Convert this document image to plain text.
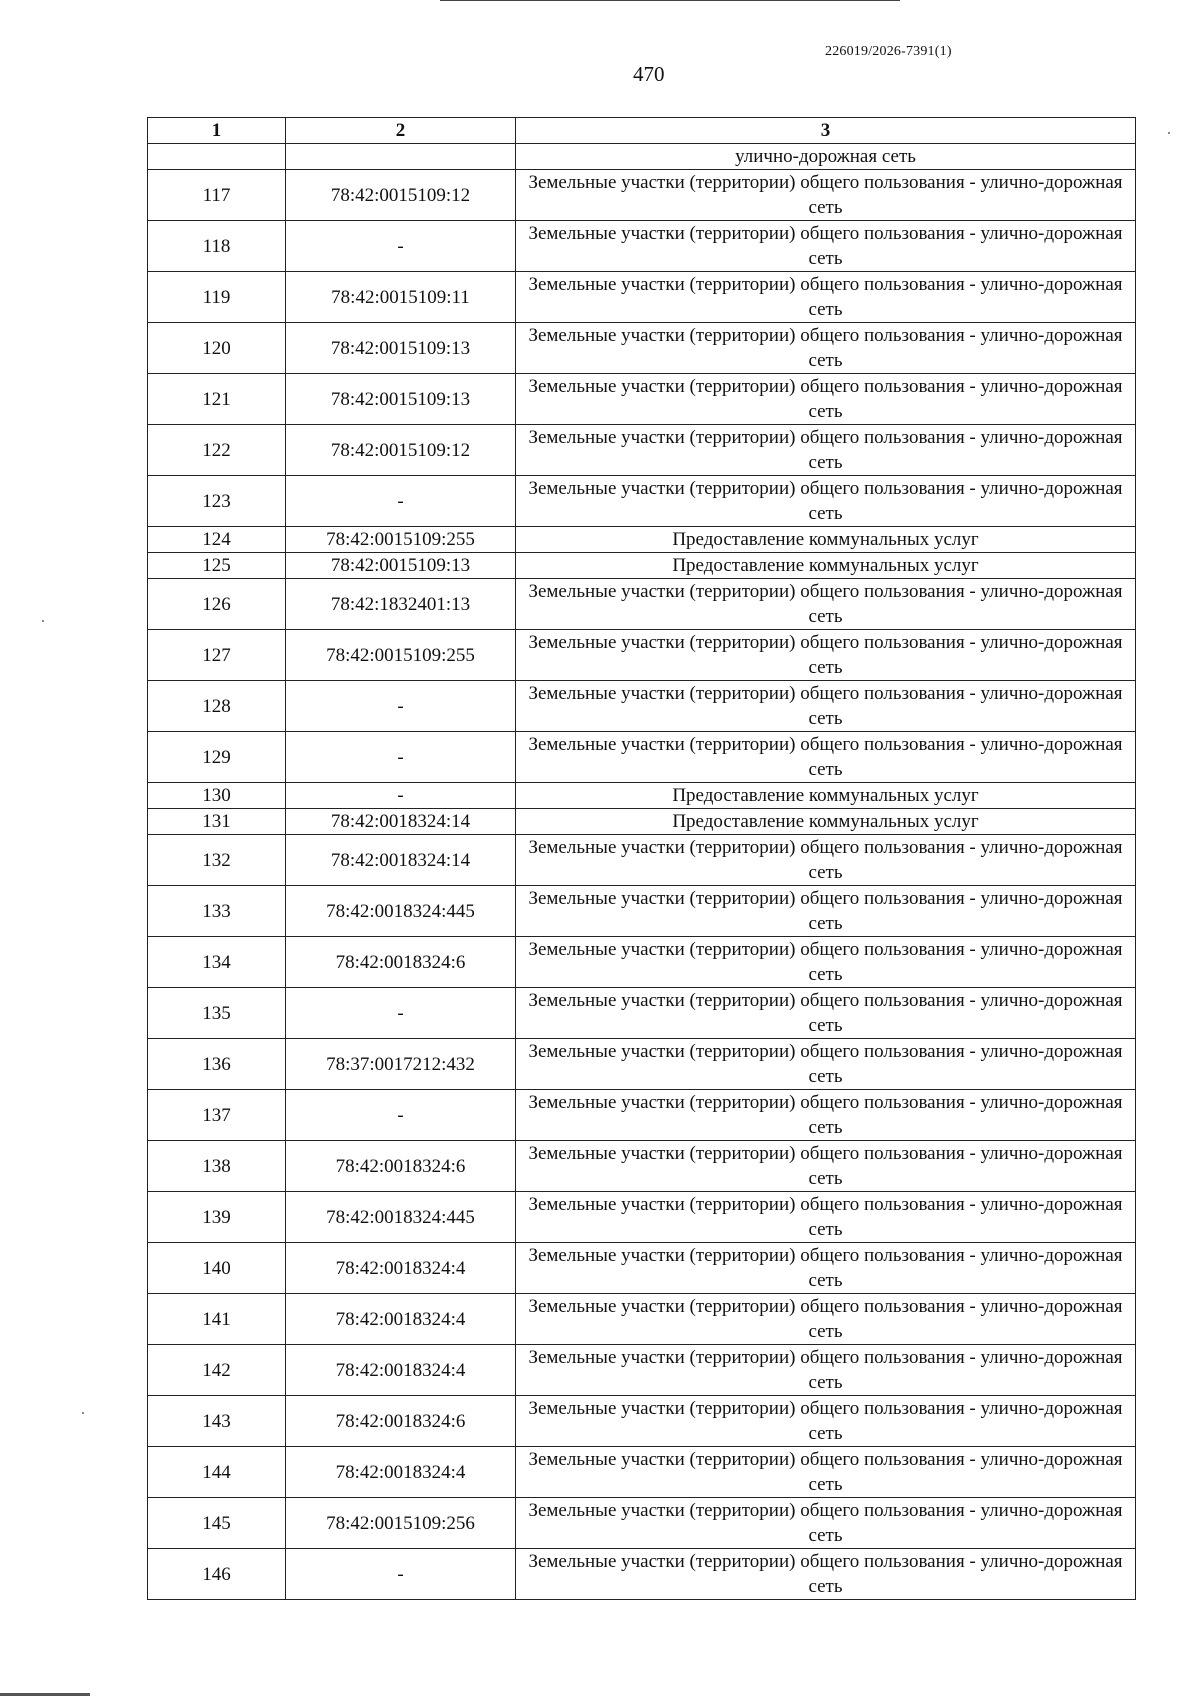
226019/2026-7391(1)
470
1	2	3
		улично-дорожная сеть
117	78:42:0015109:12	Земельные участки (территории) общего пользования - улично-дорожная сеть
118	-	Земельные участки (территории) общего пользования - улично-дорожная сеть
119	78:42:0015109:11	Земельные участки (территории) общего пользования - улично-дорожная сеть
120	78:42:0015109:13	Земельные участки (территории) общего пользования - улично-дорожная сеть
121	78:42:0015109:13	Земельные участки (территории) общего пользования - улично-дорожная сеть
122	78:42:0015109:12	Земельные участки (территории) общего пользования - улично-дорожная сеть
123	-	Земельные участки (территории) общего пользования - улично-дорожная сеть
124	78:42:0015109:255	Предоставление коммунальных услуг
125	78:42:0015109:13	Предоставление коммунальных услуг
126	78:42:1832401:13	Земельные участки (территории) общего пользования - улично-дорожная сеть
127	78:42:0015109:255	Земельные участки (территории) общего пользования - улично-дорожная сеть
128	-	Земельные участки (территории) общего пользования - улично-дорожная сеть
129	-	Земельные участки (территории) общего пользования - улично-дорожная сеть
130	-	Предоставление коммунальных услуг
131	78:42:0018324:14	Предоставление коммунальных услуг
132	78:42:0018324:14	Земельные участки (территории) общего пользования - улично-дорожная сеть
133	78:42:0018324:445	Земельные участки (территории) общего пользования - улично-дорожная сеть
134	78:42:0018324:6	Земельные участки (территории) общего пользования - улично-дорожная сеть
135	-	Земельные участки (территории) общего пользования - улично-дорожная сеть
136	78:37:0017212:432	Земельные участки (территории) общего пользования - улично-дорожная сеть
137	-	Земельные участки (территории) общего пользования - улично-дорожная сеть
138	78:42:0018324:6	Земельные участки (территории) общего пользования - улично-дорожная сеть
139	78:42:0018324:445	Земельные участки (территории) общего пользования - улично-дорожная сеть
140	78:42:0018324:4	Земельные участки (территории) общего пользования - улично-дорожная сеть
141	78:42:0018324:4	Земельные участки (территории) общего пользования - улично-дорожная сеть
142	78:42:0018324:4	Земельные участки (территории) общего пользования - улично-дорожная сеть
143	78:42:0018324:6	Земельные участки (территории) общего пользования - улично-дорожная сеть
144	78:42:0018324:4	Земельные участки (территории) общего пользования - улично-дорожная сеть
145	78:42:0015109:256	Земельные участки (территории) общего пользования - улично-дорожная сеть
146	-	Земельные участки (территории) общего пользования - улично-дорожная сеть
